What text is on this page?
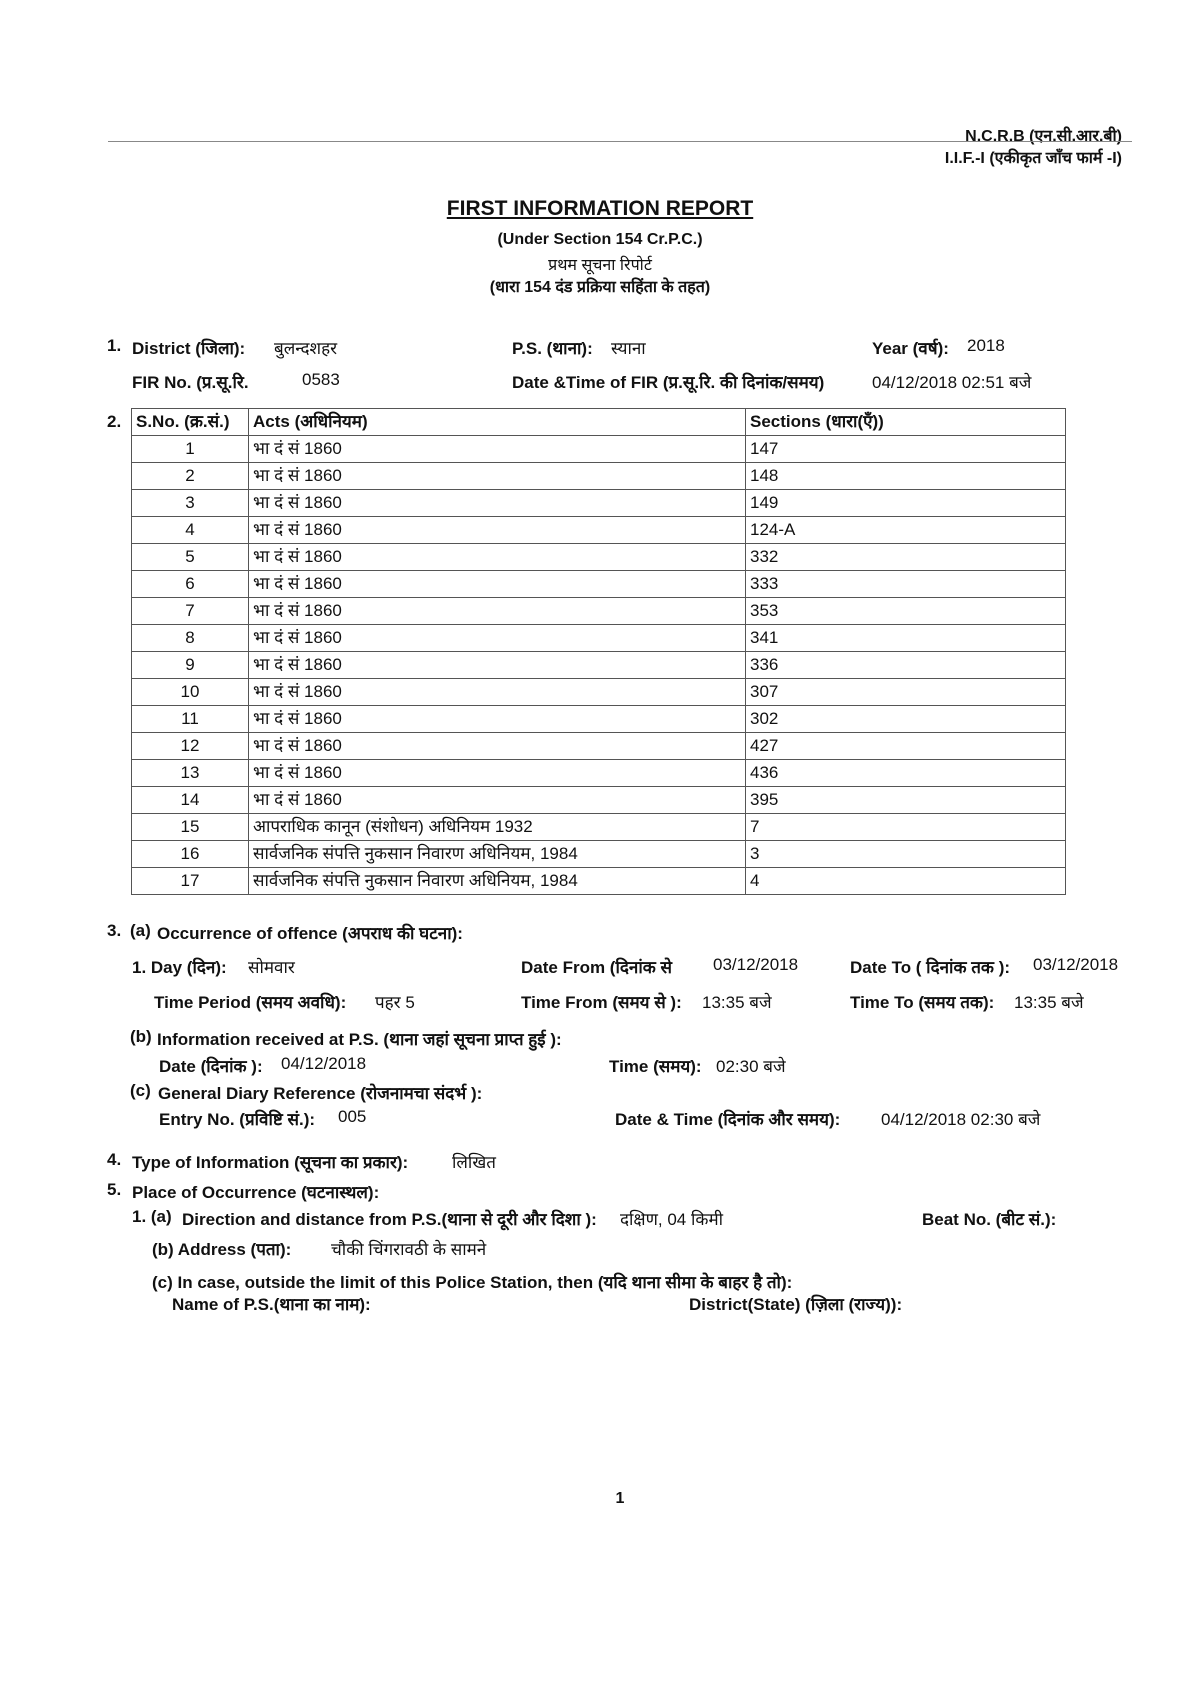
N.C.R.B (एन.सी.आर.बी)
I.I.F.-I (एकीकृत जाँच फार्म -I)
FIRST INFORMATION REPORT
(Under Section 154 Cr.P.C.)
प्रथम सूचना रिपोर्ट
(धारा 154 दंड प्रक्रिया सहिंता के तहत)
1. District (जिला): बुलन्दशहर	P.S. (थाना): स्याना	Year (वर्ष): 2018
FIR No. (प्र.सू.रि.	0583	Date &Time of FIR (प्र.सू.रि. की दिनांक/समय)	04/12/2018 02:51 बजे
2. S.No. (क्र.सं.)	Acts (अधिनियम)	Sections (धारा(एँ))
1	भा दं सं 1860	147
2	भा दं सं 1860	148
3	भा दं सं 1860	149
4	भा दं सं 1860	124-A
5	भा दं सं 1860	332
6	भा दं सं 1860	333
7	भा दं सं 1860	353
8	भा दं सं 1860	341
9	भा दं सं 1860	336
10	भा दं सं 1860	307
11	भा दं सं 1860	302
12	भा दं सं 1860	427
13	भा दं सं 1860	436
14	भा दं सं 1860	395
15	आपराधिक कानून (संशोधन) अधिनियम 1932	7
16	सार्वजनिक संपत्ति नुकसान निवारण अधिनियम, 1984	3
17	सार्वजनिक संपत्ति नुकसान निवारण अधिनियम, 1984	4
3. (a) Occurrence of offence (अपराध की घटना):
1. Day (दिन): सोमवार	Date From (दिनांक से 03/12/2018	Date To ( दिनांक तक ): 03/12/2018
Time Period (समय अवधि): पहर 5	Time From (समय से ): 13:35 बजे	Time To (समय तक): 13:35 बजे
(b) Information received at P.S. (थाना जहां सूचना प्राप्त हुई ):
Date (दिनांक ): 04/12/2018	Time (समय): 02:30 बजे
(c) General Diary Reference (रोजनामचा संदर्भ ):
Entry No. (प्रविष्टि सं.): 005	Date & Time (दिनांक और समय): 04/12/2018 02:30 बजे
4. Type of Information (सूचना का प्रकार):	लिखित
5. Place of Occurrence (घटनास्थल):
1. (a) Direction and distance from P.S.(थाना से दूरी और दिशा ): दक्षिण, 04 किमी	Beat No. (बीट सं.):
(b) Address (पता): चौकी चिंगरावठी के सामने
(c) In case, outside the limit of this Police Station, then (यदि थाना सीमा के बाहर है तो):
Name of P.S.(थाना का नाम):	District(State) (ज़िला (राज्य)):
1
